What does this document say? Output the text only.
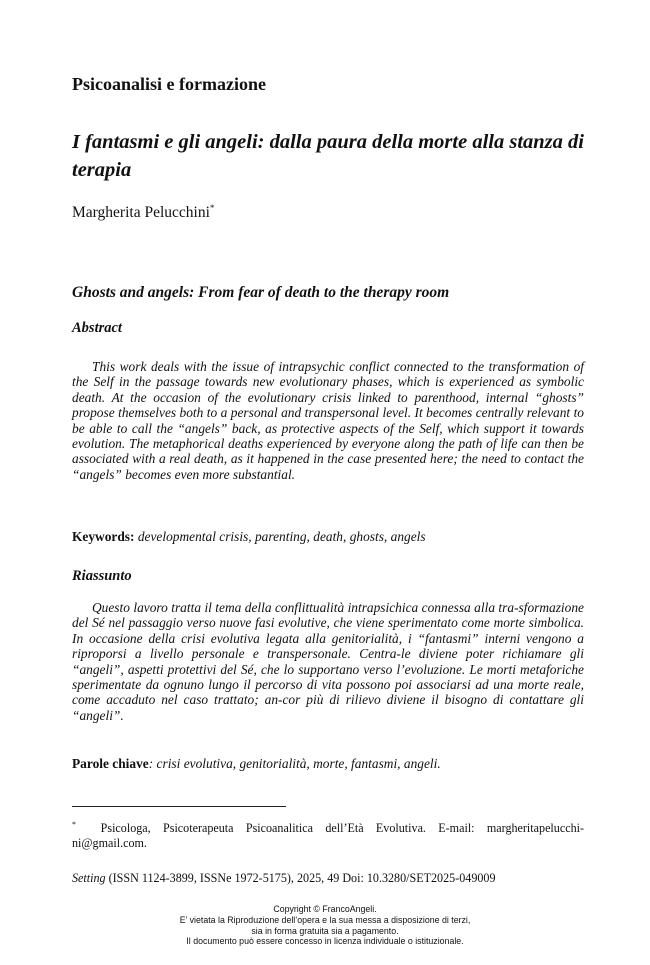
Psicoanalisi e formazione
I fantasmi e gli angeli: dalla paura della morte alla stanza di terapia
Margherita Pelucchini*
Ghosts and angels: From fear of death to the therapy room
Abstract

This work deals with the issue of intrapsychic conflict connected to the transformation of the Self in the passage towards new evolutionary phases, which is experienced as symbolic death. At the occasion of the evolutionary crisis linked to parenthood, internal “ghosts” propose themselves both to a personal and transpersonal level. It becomes centrally relevant to be able to call the “angels” back, as protective aspects of the Self, which support it towards evolution. The metaphorical deaths experienced by everyone along the path of life can then be associated with a real death, as it happened in the case presented here; the need to contact the “angels” becomes even more substantial.

Keywords: developmental crisis, parenting, death, ghosts, angels
Riassunto

Questo lavoro tratta il tema della conflittualità intrapsichica connessa alla tra-sformazione del Sé nel passaggio verso nuove fasi evolutive, che viene sperimentato come morte simbolica. In occasione della crisi evolutiva legata alla genitorialità, i “fantasmi” interni vengono a riproporsi a livello personale e transpersonale. Centra-le diviene poter richiamare gli “angeli”, aspetti protettivi del Sé, che lo supportano verso l’evoluzione. Le morti metaforiche sperimentate da ognuno lungo il percorso di vita possono poi associarsi ad una morte reale, come accaduto nel caso trattato; an-cor più di rilievo diviene il bisogno di contattare gli “angeli”.

Parole chiave: crisi evolutiva, genitorialità, morte, fantasmi, angeli.
* Psicologa, Psicoterapeuta Psicoanalitica dell’Età Evolutiva. E-mail: margheritapelucchi-ni@gmail.com.
Setting (ISSN 1124-3899, ISSNe 1972-5175), 2025, 49 Doi: 10.3280/SET2025-049009
Copyright © FrancoAngeli.
E’ vietata la Riproduzione dell’opera e la sua messa a disposizione di terzi,
sia in forma gratuita sia a pagamento.
Il documento può essere concesso in licenza individuale o istituzionale.
